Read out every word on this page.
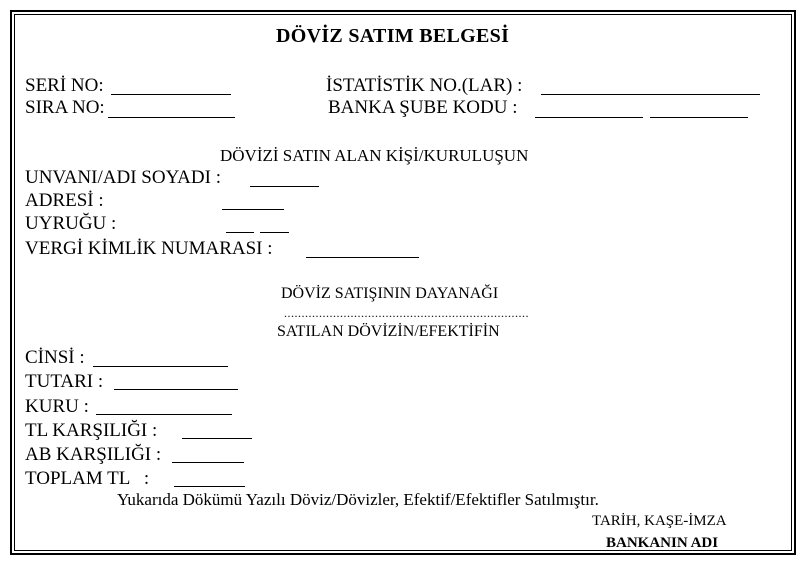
DÖVİZ SATIM BELGESİ
SERİ NO:
SIRA NO:
İSTATİSTİK NO.(LAR) :
BANKA ŞUBE KODU :
DÖVİZİ SATIN ALAN KİŞİ/KURULUŞUN
UNVANI/ADI SOYADI :
ADRESİ :
UYRUĞU :
VERGİ KİMLİK NUMARASI :
DÖVİZ SATIŞININ DAYANAĞI
......................................................................
SATILAN DÖVİZİN/EFEKTİFİN
CİNSİ :
TUTARI :
KURU :
TL KARŞILIĞI :
AB KARŞILIĞI :
TOPLAM TL   :
Yukarıda Dökümü Yazılı Döviz/Dövizler, Efektif/Efektifler Satılmıştır.
TARİH, KAŞE-İMZA
BANKANIN ADI
